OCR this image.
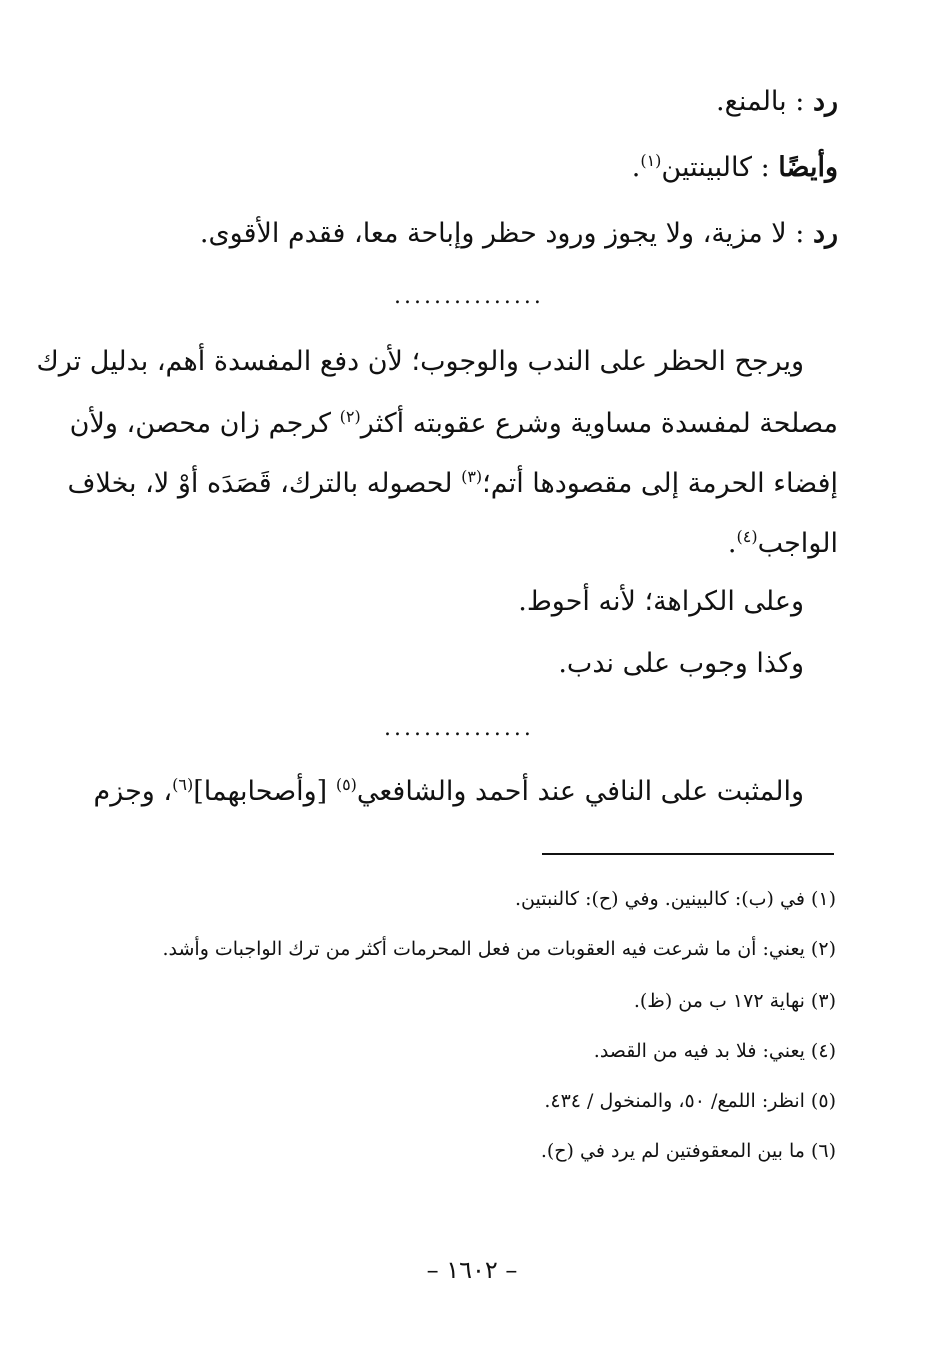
رد : بالمنع.
وأيضًا : كالبينتين$^{(١)}$.
رد : لا مزية، ولا يجوز ورود حظر وإباحة معا، فقدم الأقوى.
...............
ويرجح الحظر على الندب والوجوب؛ لأن دفع المفسدة أهم، بدليل ترك
مصلحة لمفسدة مساوية وشرع عقوبته أكثر$^{(٢)}$ كرجم زان محصن، ولأن
إفضاء الحرمة إلى مقصودها أتم؛$^{(٣)}$ لحصوله بالترك، قَصَدَه أوْ لا، بخلاف
الواجب$^{(٤)}$.
وعلى الكراهة؛ لأنه أحوط.
وكذا وجوب على ندب.
...............
والمثبت على النافي عند أحمد والشافعي$^{(٥)}$ [وأصحابهما]$^{(٦)}$، وجزم
(١) في (ب): كالبينين. وفي (ح): كالنبتين.
(٢) يعني: أن ما شرعت فيه العقوبات من فعل المحرمات أكثر من ترك الواجبات وأشد.
(٣) نهاية ١٧٢ ب من (ظ).
(٤) يعني: فلا بد فيه من القصد.
(٥) انظر: اللمع/ ٥٠، والمنخول / ٤٣٤.
(٦) ما بين المعقوفتين لم يرد في (ح).
– ١٦٠٢ –
